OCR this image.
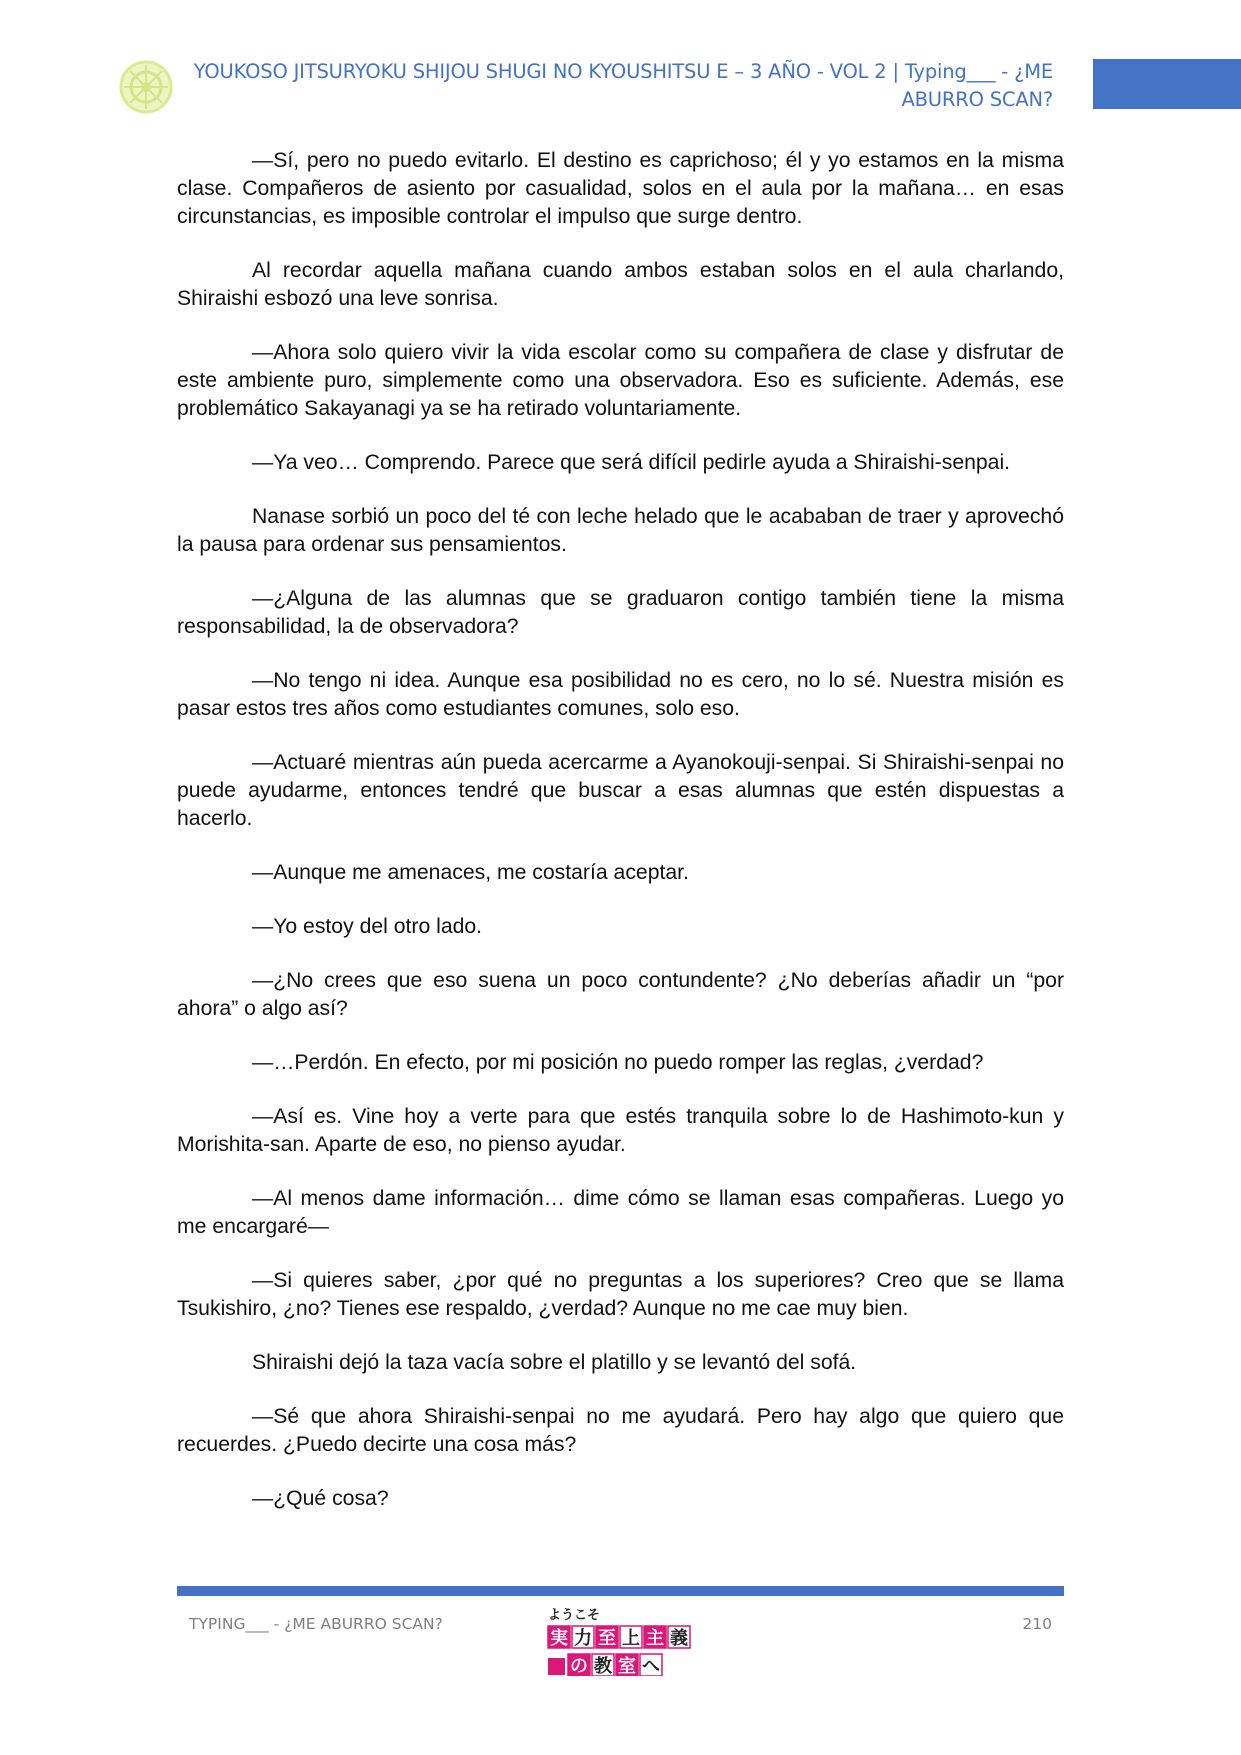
YOUKOSO JITSURYOKU SHIJOU SHUGI NO KYOUSHITSU E – 3 AÑO - VOL 2 | Typing___ - ¿ME
ABURRO SCAN?

—Sí, pero no puedo evitarlo. El destino es caprichoso; él y yo estamos en la misma clase. Compañeros de asiento por casualidad, solos en el aula por la mañana… en esas circunstancias, es imposible controlar el impulso que surge dentro.

Al recordar aquella mañana cuando ambos estaban solos en el aula charlando, Shiraishi esbozó una leve sonrisa.

—Ahora solo quiero vivir la vida escolar como su compañera de clase y disfrutar de este ambiente puro, simplemente como una observadora. Eso es suficiente. Además, ese problemático Sakayanagi ya se ha retirado voluntariamente.

—Ya veo… Comprendo. Parece que será difícil pedirle ayuda a Shiraishi-senpai.

Nanase sorbió un poco del té con leche helado que le acababan de traer y aprovechó la pausa para ordenar sus pensamientos.

—¿Alguna de las alumnas que se graduaron contigo también tiene la misma responsabilidad, la de observadora?

—No tengo ni idea. Aunque esa posibilidad no es cero, no lo sé. Nuestra misión es pasar estos tres años como estudiantes comunes, solo eso.

—Actuaré mientras aún pueda acercarme a Ayanokouji-senpai. Si Shiraishi-senpai no puede ayudarme, entonces tendré que buscar a esas alumnas que estén dispuestas a hacerlo.

—Aunque me amenaces, me costaría aceptar.

—Yo estoy del otro lado.

—¿No crees que eso suena un poco contundente? ¿No deberías añadir un “por ahora” o algo así?

—…Perdón. En efecto, por mi posición no puedo romper las reglas, ¿verdad?

—Así es. Vine hoy a verte para que estés tranquila sobre lo de Hashimoto-kun y Morishita-san. Aparte de eso, no pienso ayudar.

—Al menos dame información… dime cómo se llaman esas compañeras. Luego yo me encargaré—

—Si quieres saber, ¿por qué no preguntas a los superiores? Creo que se llama Tsukishiro, ¿no? Tienes ese respaldo, ¿verdad? Aunque no me cae muy bien.

Shiraishi dejó la taza vacía sobre el platillo y se levantó del sofá.

—Sé que ahora Shiraishi-senpai no me ayudará. Pero hay algo que quiero que recuerdes. ¿Puedo decirte una cosa más?

—¿Qué cosa?

TYPING___ - ¿ME ABURRO SCAN?	210
ようこそ
実 力 至 上 主 義
の 教 室 へ
